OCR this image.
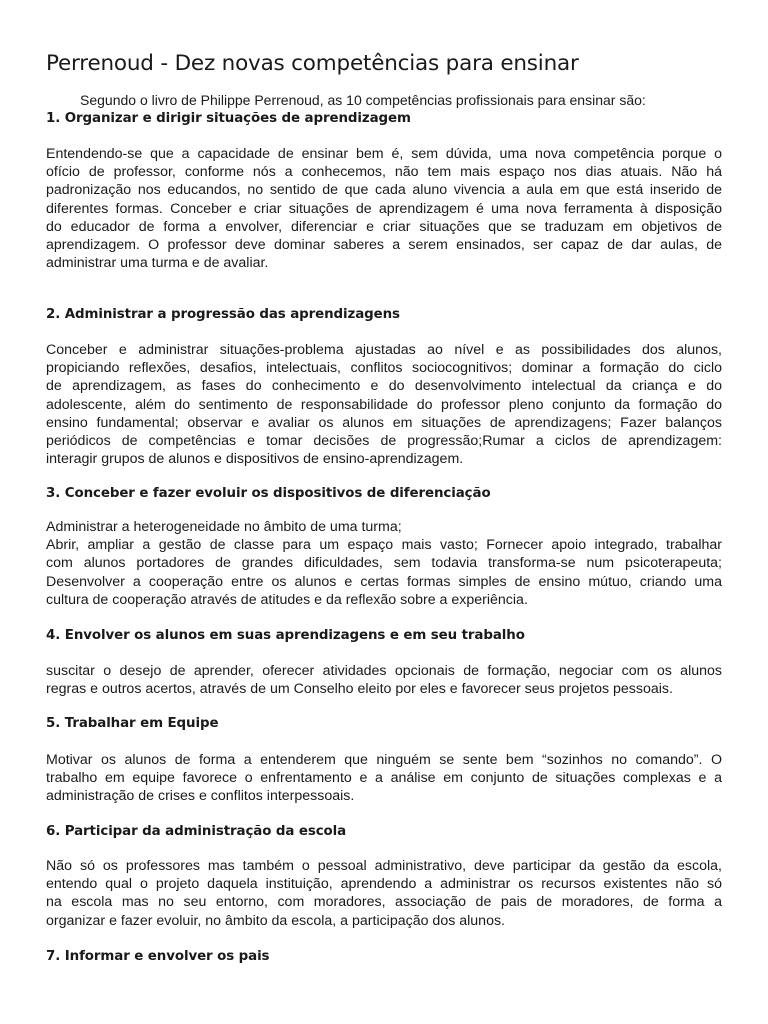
Perrenoud - Dez novas competências para ensinar

Segundo o livro de Philippe Perrenoud, as 10 competências profissionais para ensinar são:

1. Organizar e dirigir situações de aprendizagem
Entendendo-se que a capacidade de ensinar bem é, sem dúvida, uma nova competência porque o
ofício de professor, conforme nós a conhecemos, não tem mais espaço nos dias atuais. Não há
padronização nos educandos, no sentido de que cada aluno vivencia a aula em que está inserido de
diferentes formas. Conceber e criar situações de aprendizagem é uma nova ferramenta à disposição
do educador de forma a envolver, diferenciar e criar situações que se traduzam em objetivos de
aprendizagem. O professor deve dominar saberes a serem ensinados, ser capaz de dar aulas, de
administrar uma turma e de avaliar.
2. Administrar a progressão das aprendizagens
Conceber e administrar situações-problema ajustadas ao nível e as possibilidades dos alunos,
propiciando reflexões, desafios, intelectuais, conflitos sociocognitivos; dominar a formação do ciclo
de aprendizagem, as fases do conhecimento e do desenvolvimento intelectual da criança e do
adolescente, além do sentimento de responsabilidade do professor pleno conjunto da formação do
ensino fundamental; observar e avaliar os alunos em situações de aprendizagens; Fazer balanços
periódicos de competências e tomar decisões de progressão;Rumar a ciclos de aprendizagem:
interagir grupos de alunos e dispositivos de ensino-aprendizagem.
3. Conceber e fazer evoluir os dispositivos de diferenciação
Administrar a heterogeneidade no âmbito de uma turma;
Abrir, ampliar a gestão de classe para um espaço mais vasto; Fornecer apoio integrado, trabalhar
com alunos portadores de grandes dificuldades, sem todavia transforma-se num psicoterapeuta;
Desenvolver a cooperação entre os alunos e certas formas simples de ensino mútuo, criando uma
cultura de cooperação através de atitudes e da reflexão sobre a experiência.
4. Envolver os alunos em suas aprendizagens e em seu trabalho
suscitar o desejo de aprender, oferecer atividades opcionais de formação, negociar com os alunos
regras e outros acertos, através de um Conselho eleito por eles e favorecer seus projetos pessoais.
5. Trabalhar em Equipe
Motivar os alunos de forma a entenderem que ninguém se sente bem “sozinhos no comando”. O
trabalho em equipe favorece o enfrentamento e a análise em conjunto de situações complexas e a
administração de crises e conflitos interpessoais.
6. Participar da administração da escola
Não só os professores mas também o pessoal administrativo, deve participar da gestão da escola,
entendo qual o projeto daquela instituição, aprendendo a administrar os recursos existentes não só
na escola mas no seu entorno, com moradores, associação de pais de moradores, de forma a
organizar e fazer evoluir, no âmbito da escola, a participação dos alunos.
7. Informar e envolver os pais
